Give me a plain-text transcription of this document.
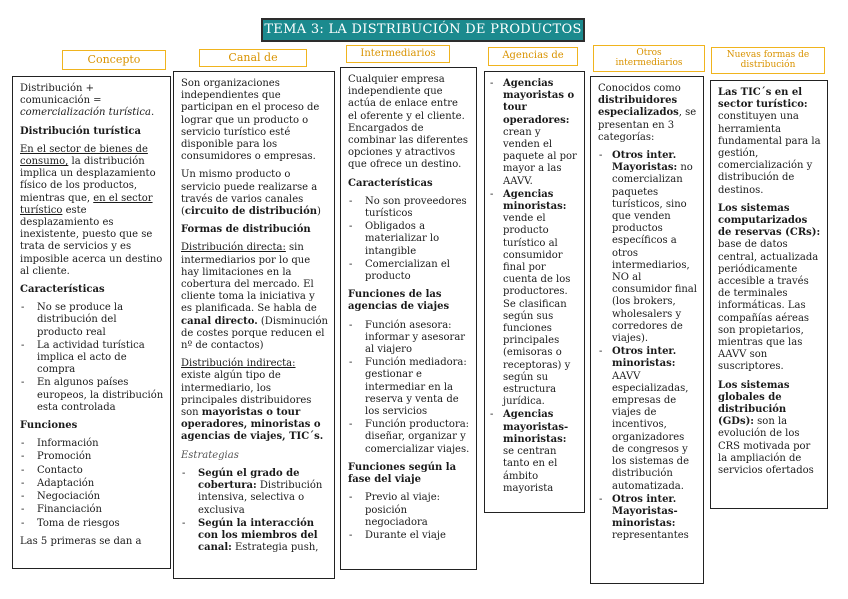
TEMA 3: LA DISTRIBUCIÓN DE PRODUCTOS
Concepto	Canal de	Intermediarios	Agencias de	Otros intermediarios
Nuevas formas de distribución

Distribución + comunicación =
comercialización turística.

Distribución turística

En el sector de bienes de consumo, la distribución implica un desplazamiento físico de los productos, mientras que, en el sector turístico este desplazamiento es inexistente, puesto que se trata de servicios y es imposible acerca un destino al cliente.

Características
- No se produce la distribución del producto real
- La actividad turística implica el acto de compra
- En algunos países europeos, la distribución esta controlada
Funciones
- Información
- Promoción
- Contacto
- Adaptación
- Negociación
- Financiación
- Toma de riesgos

Las 5 primeras se dan a

Son organizaciones independientes que participan en el proceso de lograr que un producto o servicio turístico esté disponible para los consumidores o empresas.

Un mismo producto o servicio puede realizarse a través de varios canales (circuito de distribución)

Formas de distribución

Distribución directa: sin intermediarios por lo que hay limitaciones en la cobertura del mercado. El cliente toma la iniciativa y es planificada. Se habla de canal directo. (Disminución de costes porque reducen el nº de contactos)

Distribución indirecta: existe algún tipo de intermediario, los principales distribuidores son mayoristas o tour operadores, minoristas o agencias de viajes, TIC´s.

Estrategias

- Según el grado de cobertura: Distribución intensiva, selectiva o exclusiva
- Según la interacción con los miembros del canal: Estrategia push,

Cualquier empresa independiente que actúa de enlace entre el oferente y el cliente. Encargados de combinar las diferentes opciones y atractivos que ofrece un destino.

Características
- No son proveedores turísticos
- Obligados a materializar lo intangible
- Comercializan el producto
Funciones de las agencias de viajes
- Función asesora: informar y asesorar al viajero
- Función mediadora: gestionar e intermediar en la reserva y venta de los servicios
- Función productora: diseñar, organizar y comercializar viajes.
Funciones según la fase del viaje
- Previo al viaje: posición negociadora
- Durante el viaje
- Agencias mayoristas o tour operadores: crean y venden el paquete al por mayor a las AAVV.
- Agencias minoristas: vende el producto turístico al consumidor final por cuenta de los productores. Se clasifican según sus funciones principales (emisoras o receptoras) y según su estructura jurídica.
- Agencias mayoristas-minoristas: se centran tanto en el ámbito mayorista

Conocidos como distribuidores especializados, se presentan en 3 categorías:

- Otros inter. Mayoristas: no comercializan paquetes turísticos, sino que venden productos específicos a otros intermediarios, NO al consumidor final (los brokers, wholesalers y corredores de viajes).
- Otros inter. minoristas: AAVV especializadas, empresas de viajes de incentivos, organizadores de congresos y los sistemas de distribución automatizada.
- Otros inter. Mayoristas-minoristas: representantes

Las TIC´s en el sector turístico: constituyen una herramienta fundamental para la gestión, comercialización y distribución de destinos.

Los sistemas computarizados de reservas (CRs): base de datos central, actualizada periódicamente accesible a través de terminales informáticas. Las compañías aéreas son propietarios, mientras que las AAVV son suscriptores.

Los sistemas globales de distribución (GDs): son la evolución de los CRS motivada por la ampliación de servicios ofertados
